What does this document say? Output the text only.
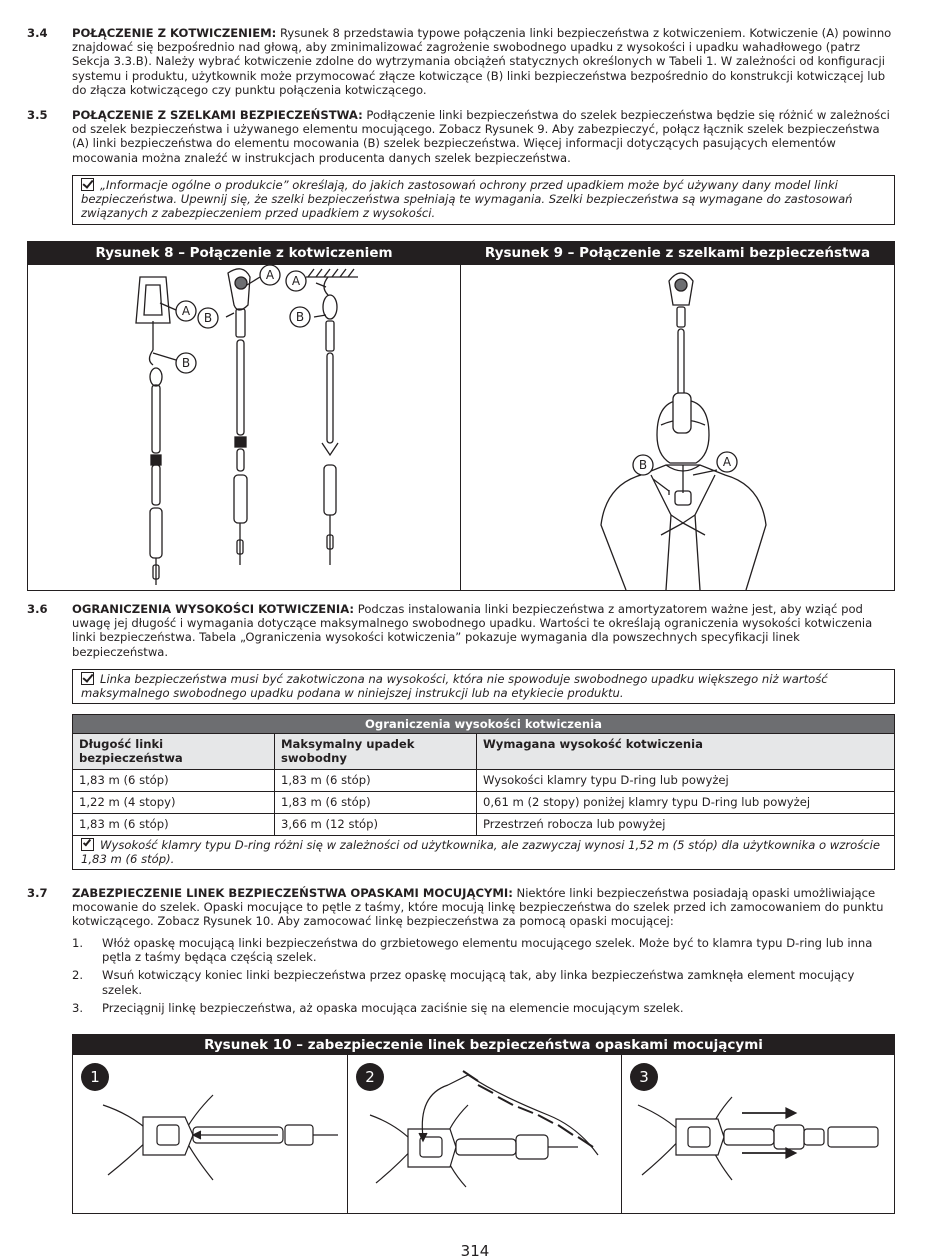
3.4 POŁĄCZENIE Z KOTWICZENIEM: Rysunek 8 przedstawia typowe połączenia linki bezpieczeństwa z kotwiczeniem. Kotwiczenie (A) powinno znajdować się bezpośrednio nad głową, aby zminimalizować zagrożenie swobodnego upadku z wysokości i upadku wahadłowego (patrz Sekcja 3.3.B). Należy wybrać kotwiczenie zdolne do wytrzymania obciążeń statycznych określonych w Tabeli 1. W zależności od konfiguracji systemu i produktu, użytkownik może przymocować złącze kotwiczące (B) linki bezpieczeństwa bezpośrednio do konstrukcji kotwiczącej lub do złącza kotwiczącego czy punktu połączenia kotwiczącego.
3.5 POŁĄCZENIE Z SZELKAMI BEZPIECZEŃSTWA: Podłączenie linki bezpieczeństwa do szelek bezpieczeństwa będzie się różnić w zależności od szelek bezpieczeństwa i używanego elementu mocującego. Zobacz Rysunek 9. Aby zabezpieczyć, połącz łącznik szelek bezpieczeństwa (A) linki bezpieczeństwa do elementu mocowania (B) szelek bezpieczeństwa. Więcej informacji dotyczących pasujących elementów mocowania można znaleźć w instrukcjach producenta danych szelek bezpieczeństwa.
„Informacje ogólne o produkcie” określają, do jakich zastosowań ochrony przed upadkiem może być używany dany model linki bezpieczeństwa. Upewnij się, że szelki bezpieczeństwa spełniają te wymagania. Szelki bezpieczeństwa są wymagane do zastosowań związanych z zabezpieczeniem przed upadkiem z wysokości.
Rysunek 8 – Połączenie z kotwiczeniem	Rysunek 9 – Połączenie z szelkami bezpieczeństwa
A
B
A
B
A
B
B	A
3.6 OGRANICZENIA WYSOKOŚCI KOTWICZENIA: Podczas instalowania linki bezpieczeństwa z amortyzatorem ważne jest, aby wziąć pod uwagę jej długość i wymagania dotyczące maksymalnego swobodnego upadku. Wartości te określają ograniczenia wysokości kotwiczenia linki bezpieczeństwa. Tabela „Ograniczenia wysokości kotwiczenia” pokazuje wymagania dla powszechnych specyfikacji linek bezpieczeństwa.
Linka bezpieczeństwa musi być zakotwiczona na wysokości, która nie spowoduje swobodnego upadku większego niż wartość maksymalnego swobodnego upadku podana w niniejszej instrukcji lub na etykiecie produktu.
Ograniczenia wysokości kotwiczenia		
Długość linki bezpieczeństwa	Maksymalny upadek swobodny	Wymagana wysokość kotwiczenia
1,83 m (6 stóp)	1,83 m (6 stóp)	Wysokości klamry typu D-ring lub powyżej
1,22 m (4 stopy)	1,83 m (6 stóp)	0,61 m (2 stopy) poniżej klamry typu D-ring lub powyżej
1,83 m (6 stóp)	3,66 m (12 stóp)	Przestrzeń robocza lub powyżej

Wysokość klamry typu D-ring różni się w zależności od użytkownika, ale zazwyczaj wynosi 1,52 m (5 stóp) dla użytkownika o wzroście 1,83 m (6 stóp).		
3.7 ZABEZPIECZENIE LINEK BEZPIECZEŃSTWA OPASKAMI MOCUJĄCYMI: Niektóre linki bezpieczeństwa posiadają opaski umożliwiające mocowanie do szelek. Opaski mocujące to pętle z taśmy, które mocują linkę bezpieczeństwa do szelek przed ich zamocowaniem do punktu kotwiczącego. Zobacz Rysunek 10. Aby zamocować linkę bezpieczeństwa za pomocą opaski mocującej:
1. Włóż opaskę mocującą linki bezpieczeństwa do grzbietowego elementu mocującego szelek. Może być to klamra typu D-ring lub inna pętla z taśmy będąca częścią szelek.
2. Wsuń kotwiczący koniec linki bezpieczeństwa przez opaskę mocującą tak, aby linka bezpieczeństwa zamknęła element mocujący szelek.
3. Przeciągnij linkę bezpieczeństwa, aż opaska mocująca zaciśnie się na elemencie mocującym szelek.
Rysunek 10 – zabezpieczenie linek bezpieczeństwa opaskami mocującymi
1	2	3
314
